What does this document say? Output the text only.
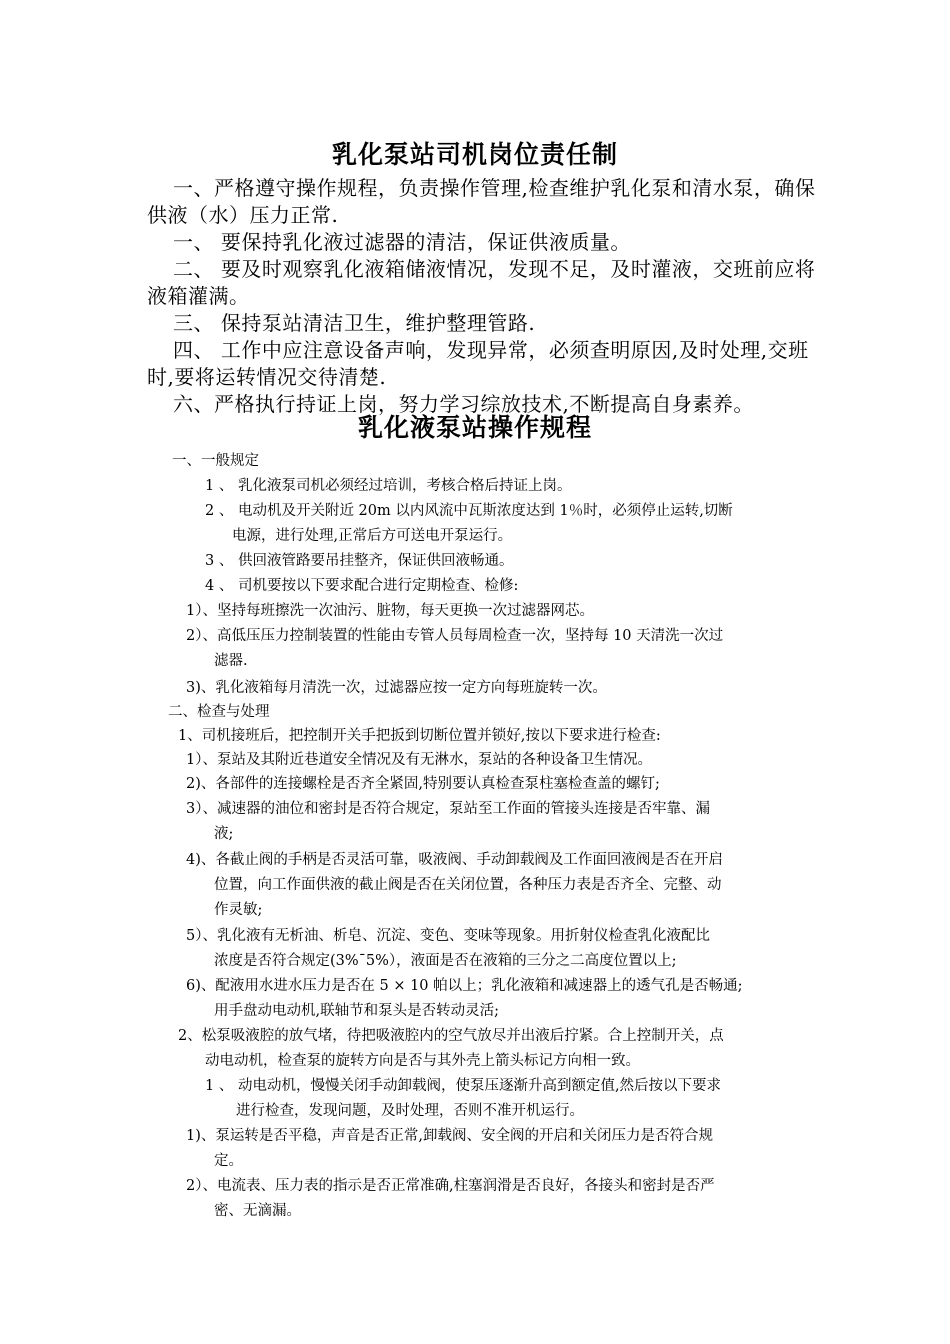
乳化泵站司机岗位责任制

一、严格遵守操作规程，负责操作管理,检查维护乳化泵和清水泵，确保供液（水）压力正常.

一、 要保持乳化液过滤器的清洁，保证供液质量。

二、 要及时观察乳化液箱储液情况，发现不足，及时灌液，交班前应将液箱灌满。

三、 保持泵站清洁卫生，维护整理管路.

四、 工作中应注意设备声响，发现异常，必须查明原因,及时处理,交班时,要将运转情况交待清楚.

六、严格执行持证上岗，努力学习综放技术,不断提高自身素养。

乳化液泵站操作规程

一、一般规定

1 、 乳化液泵司机必须经过培训，考核合格后持证上岗。

2 、 电动机及开关附近 20m 以内风流中瓦斯浓度达到 1％时，必须停止运转,切断

电源，进行处理,正常后方可送电开泵运行。

3 、 供回液管路要吊挂整齐，保证供回液畅通。

4 、 司机要按以下要求配合进行定期检查、检修:

1）、坚持每班擦洗一次油污、脏物，每天更换一次过滤器网芯。

2）、高低压压力控制装置的性能由专管人员每周检查一次，坚持每 10 天清洗一次过

滤器.

3)、乳化液箱每月清洗一次，过滤器应按一定方向每班旋转一次。

二、检查与处理

1、司机接班后，把控制开关手把扳到切断位置并锁好,按以下要求进行检查:

1）、泵站及其附近巷道安全情况及有无淋水，泵站的各种设备卫生情况。

2)、各部件的连接螺栓是否齐全紧固,特别要认真检查泵柱塞检查盖的螺钉;

3）、减速器的油位和密封是否符合规定，泵站至工作面的管接头连接是否牢靠、漏

液;

4)、各截止阀的手柄是否灵活可靠，吸液阀、手动卸载阀及工作面回液阀是否在开启

位置，向工作面供液的截止阀是否在关闭位置，各种压力表是否齐全、完整、动

作灵敏;

5）、乳化液有无析油、析皂、沉淀、变色、变味等现象。用折射仪检查乳化液配比

浓度是否符合规定(3%¯5%），液面是否在液箱的三分之二高度位置以上;

6)、配液用水进水压力是否在 5 × 10 帕以上；乳化液箱和减速器上的透气孔是否畅通;

用手盘动电动机,联轴节和泵头是否转动灵活;

2、松泵吸液腔的放气堵，待把吸液腔内的空气放尽并出液后拧紧。合上控制开关，点

动电动机，检查泵的旋转方向是否与其外壳上箭头标记方向相一致。

1 、 动电动机，慢慢关闭手动卸载阀，使泵压逐渐升高到额定值,然后按以下要求

进行检查，发现问题，及时处理，否则不准开机运行。

1)、泵运转是否平稳，声音是否正常,卸载阀、安全阀的开启和关闭压力是否符合规

定。

2）、电流表、压力表的指示是否正常准确,柱塞润滑是否良好，各接头和密封是否严

密、无滴漏。
